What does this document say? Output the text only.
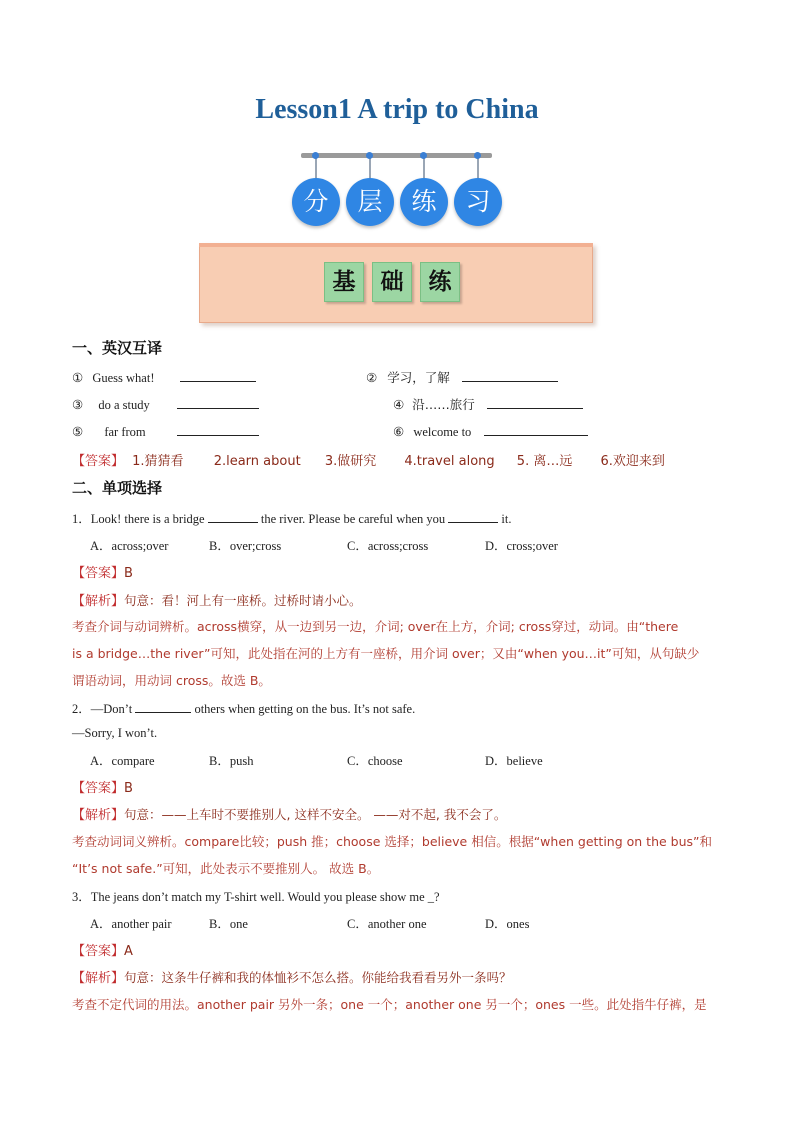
Lesson1 A trip to China
分	层	练	习
基	础	练
一、英汉互译
① Guess what!	② 学习，了解
③ do a study	④ 沿……旅行
⑤ far from	⑥ welcome to
【答案】 1.猜猜看 2.learn about 3.做研究 4.travel along 5. 离…远 6.欢迎来到
二、单项选择
1．Look! there is a bridge	the river. Please be careful when you	it.
A．across;over	B．over;cross	C．across;cross	D．cross;over
【答案】B
【解析】句意：看！河上有一座桥。过桥时请小心。
考查介词与动词辨析。across横穿，从一边到另一边，介词; over在上方，介词; cross穿过，动词。由“there
is a bridge…the river”可知，此处指在河的上方有一座桥，用介词 over；又由“when you…it”可知，从句缺少
谓语动词，用动词 cross。故选 B。
2．—Don’t	others when getting on the bus. It’s not safe.
—Sorry, I won’t.
A．compare	B．push	C．choose	D．believe
【答案】B
【解析】句意：——上车时不要推别人, 这样不安全。 ——对不起, 我不会了。
考查动词词义辨析。compare比较；push 推；choose 选择；believe 相信。根据“when getting on the bus”和
“It’s not safe.”可知，此处表示不要推别人。 故选 B。
3．The jeans don’t match my T-shirt well. Would you please show me _?
A．another pair	B．one	C．another one	D．ones
【答案】A
【解析】句意：这条牛仔裤和我的体恤衫不怎么搭。你能给我看看另外一条吗？
考查不定代词的用法。another pair 另外一条；one 一个；another one 另一个；ones 一些。此处指牛仔裤，是
